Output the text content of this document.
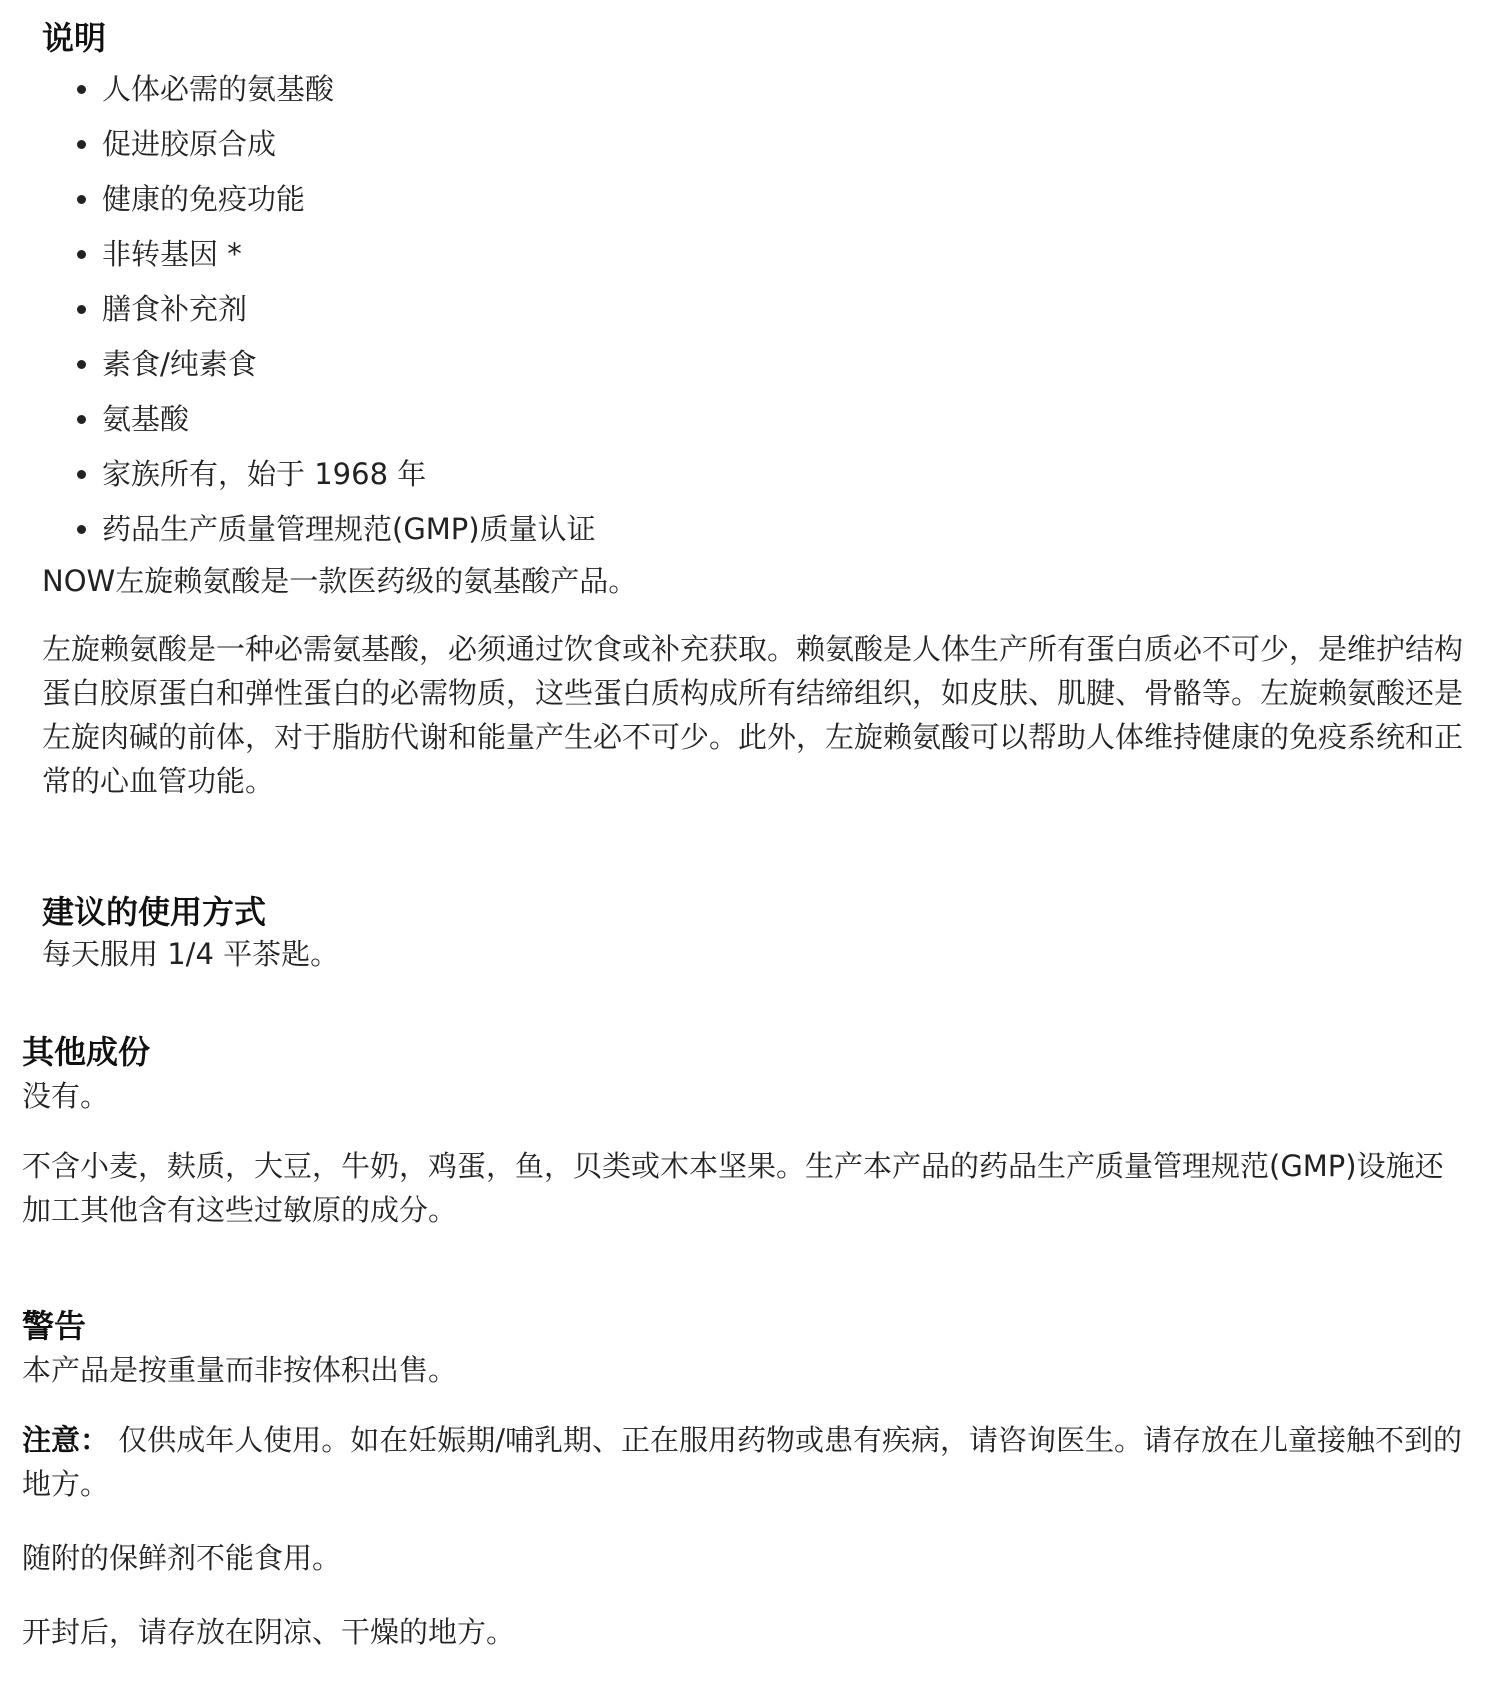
说明
• 人体必需的氨基酸
• 促进胶原合成
• 健康的免疫功能
• 非转基因 *
• 膳食补充剂
• 素食/纯素食
• 氨基酸
• 家族所有，始于 1968 年
• 药品生产质量管理规范(GMP)质量认证

NOW左旋赖氨酸是一款医药级的氨基酸产品。

左旋赖氨酸是一种必需氨基酸，必须通过饮食或补充获取。赖氨酸是人体生产所有蛋白质必不可少，是维护结构蛋白胶原蛋白和弹性蛋白的必需物质，这些蛋白质构成所有结缔组织，如皮肤、肌腱、骨骼等。左旋赖氨酸还是左旋肉碱的前体，对于脂肪代谢和能量产生必不可少。此外，左旋赖氨酸可以帮助人体维持健康的免疫系统和正常的心血管功能。

建议的使用方式

每天服用 1/4 平茶匙。

其他成份

没有。

不含小麦，麸质，大豆，牛奶，鸡蛋，鱼，贝类或木本坚果。生产本产品的药品生产质量管理规范(GMP)设施还加工其他含有这些过敏原的成分。

警告

本产品是按重量而非按体积出售。

注意： 仅供成年人使用。如在妊娠期/哺乳期、正在服用药物或患有疾病，请咨询医生。请存放在儿童接触不到的地方。

随附的保鲜剂不能食用。

开封后，请存放在阴凉、干燥的地方。
